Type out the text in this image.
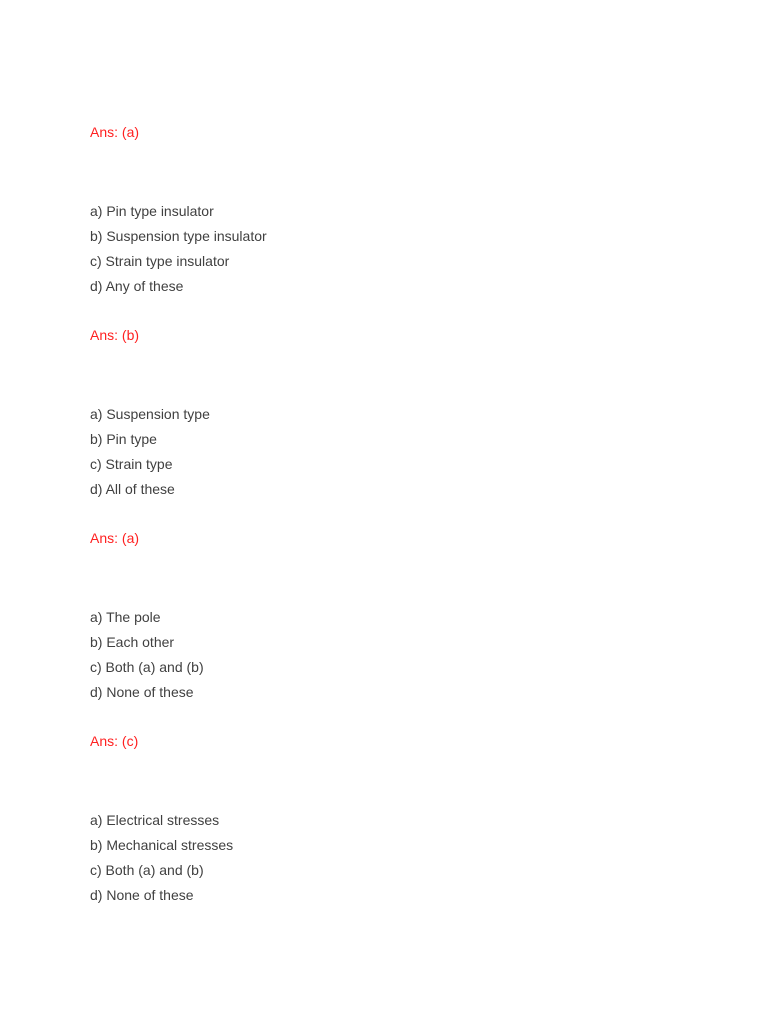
Ans: (a)
a) Pin type insulator
b) Suspension type insulator
c) Strain type insulator
d) Any of these
Ans: (b)
a) Suspension type
b) Pin type
c) Strain type
d) All of these
Ans: (a)
a) The pole
b) Each other
c) Both (a) and (b)
d) None of these
Ans: (c)
a) Electrical stresses
b) Mechanical stresses
c) Both (a) and (b)
d) None of these
